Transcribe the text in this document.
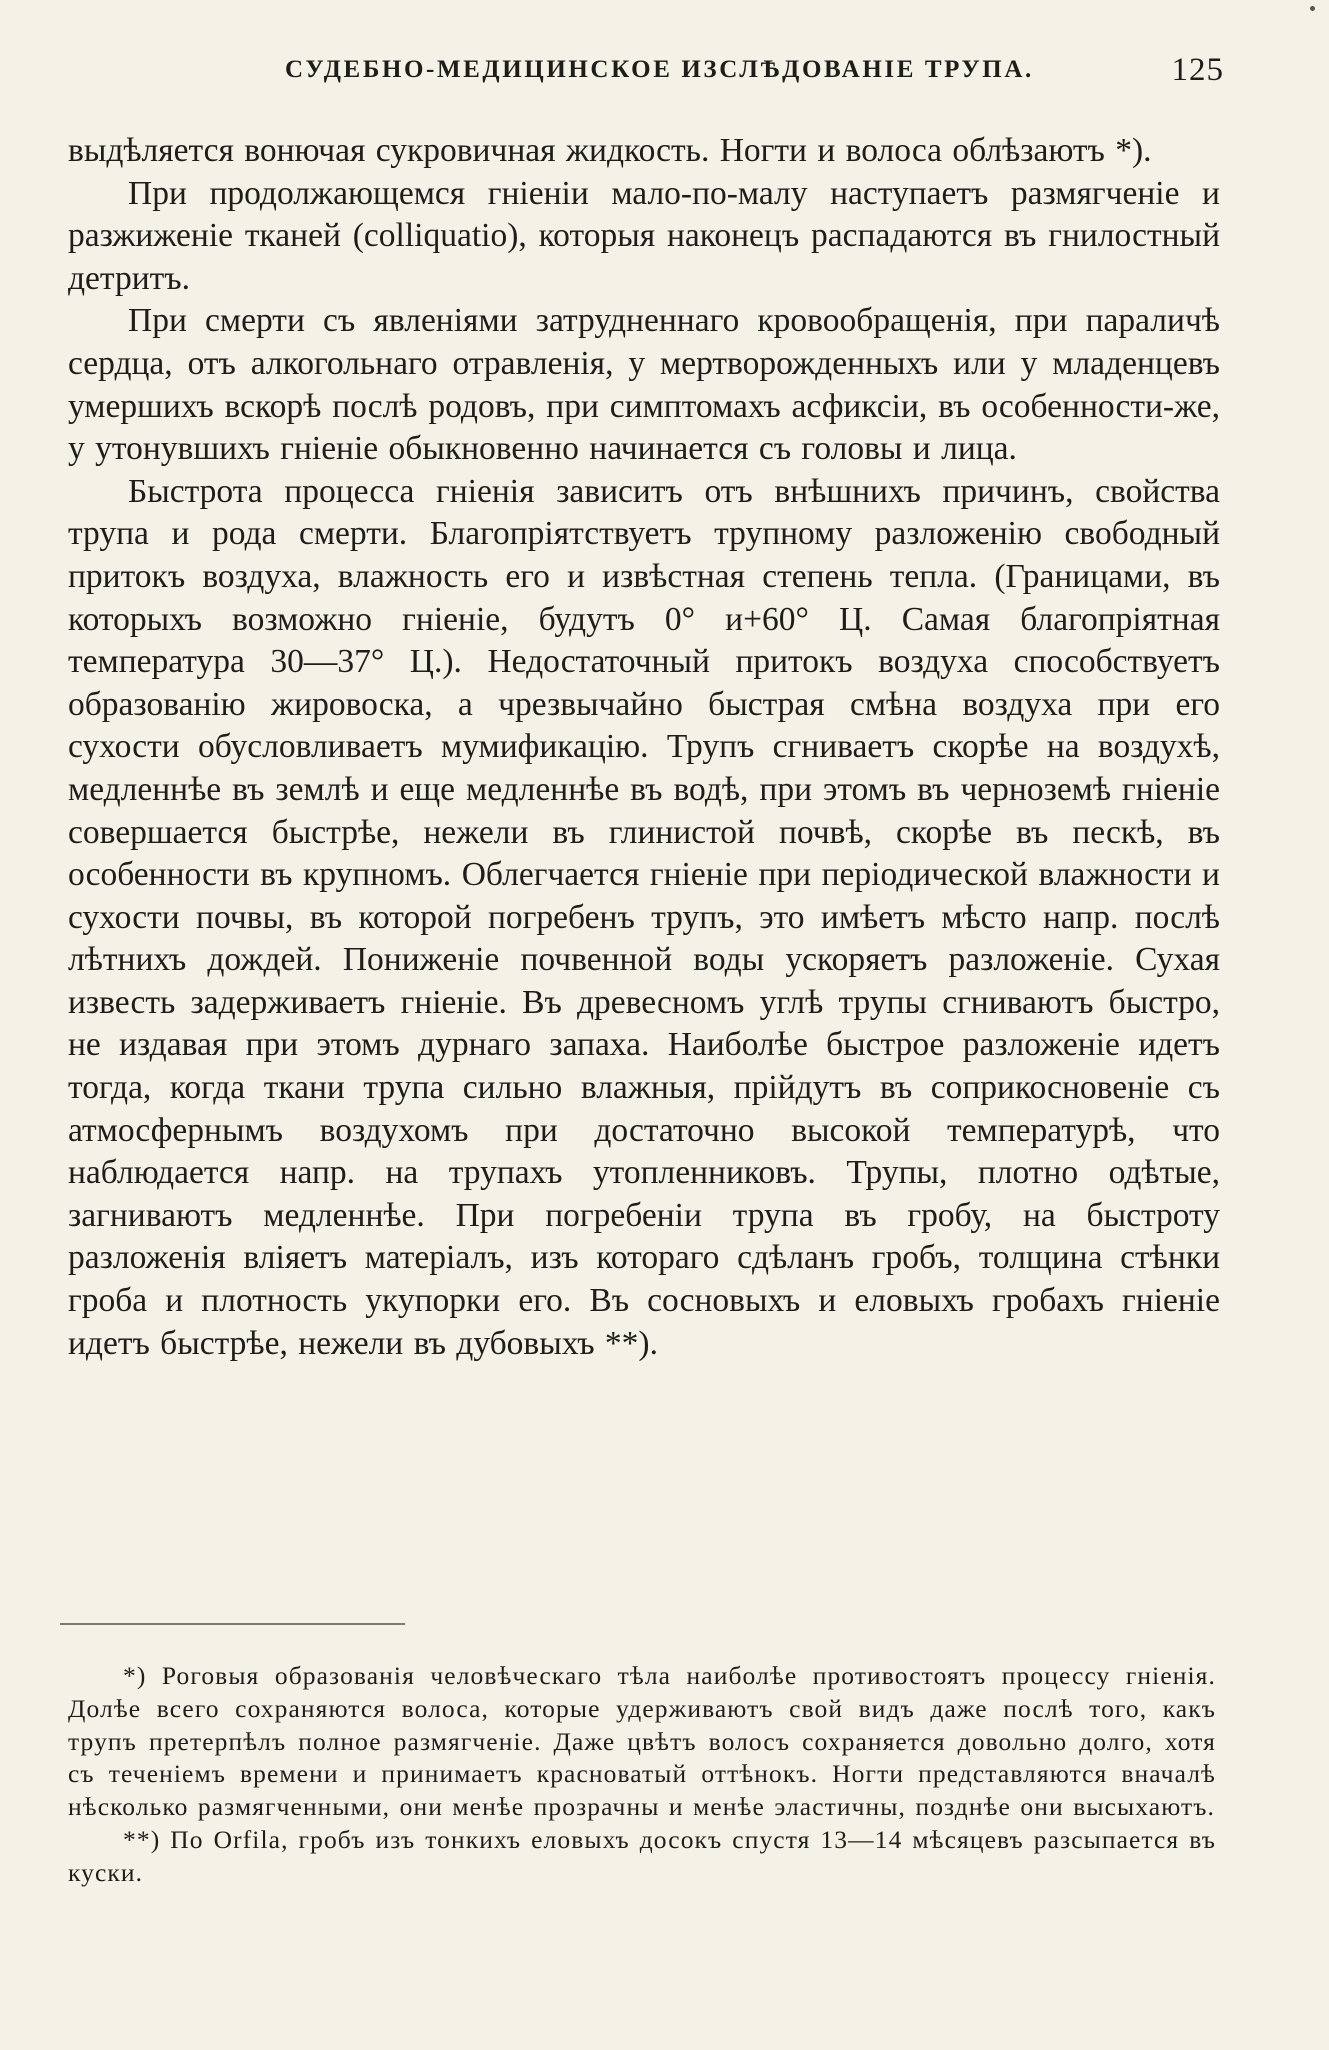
СУДЕБНО-МЕДИЦИНСКОЕ ИЗСЛѢДОВАНІЕ ТРУПА.	125

выдѣляется вонючая сукровичная жидкость. Ногти и волоса облѣзаютъ *).

При продолжающемся гніеніи мало-по-малу наступаетъ размягченіе и разжиженіе тканей (colliquatio), которыя наконецъ распадаются въ гнилостный детритъ.

При смерти съ явленіями затрудненнаго кровообращенія, при параличѣ сердца, отъ алкогольнаго отравленія, у мертворожденныхъ или у младенцевъ умершихъ вскорѣ послѣ родовъ, при симптомахъ асфиксіи, въ особенности-же, у утонувшихъ гніеніе обыкновенно начинается съ головы и лица.

Быстрота процесса гніенія зависитъ отъ внѣшнихъ причинъ, свойства трупа и рода смерти. Благопріятствуетъ трупному разложенію свободный притокъ воздуха, влажность его и извѣстная степень тепла. (Границами, въ которыхъ возможно гніеніе, будутъ 0° и+60° Ц. Самая благопріятная температура 30—37° Ц.). Недостаточный притокъ воздуха способствуетъ образованію жировоска, а чрезвычайно быстрая смѣна воздуха при его сухости обусловливаетъ мумификацію. Трупъ сгниваетъ скорѣе на воздухѣ, медленнѣе въ землѣ и еще медленнѣе въ водѣ, при этомъ въ черноземѣ гніеніе совершается быстрѣе, нежели въ глинистой почвѣ, скорѣе въ пескѣ, въ особенности въ крупномъ. Облегчается гніеніе при періодической влажности и сухости почвы, въ которой погребенъ трупъ, это имѣетъ мѣсто напр. послѣ лѣтнихъ дождей. Пониженіе почвенной воды ускоряетъ разложеніе. Сухая известь задерживаетъ гніеніе. Въ древесномъ углѣ трупы сгниваютъ быстро, не издавая при этомъ дурнаго запаха. Наиболѣе быстрое разложеніе идетъ тогда, когда ткани трупа сильно влажныя, прійдутъ въ соприкосновеніе съ атмосфернымъ воздухомъ при достаточно высокой температурѣ, что наблюдается напр. на трупахъ утопленниковъ. Трупы, плотно одѣтые, загниваютъ медленнѣе. При погребеніи трупа въ гробу, на быстроту разложенія вліяетъ матеріалъ, изъ котораго сдѣланъ гробъ, толщина стѣнки гроба и плотность укупорки его. Въ сосновыхъ и еловыхъ гробахъ гніеніе идетъ быстрѣе, нежели въ дубовыхъ **).

*) Роговыя образованія человѣческаго тѣла наиболѣе противостоятъ процессу гніенія. Долѣе всего сохраняются волоса, которые удерживаютъ свой видъ даже послѣ того, какъ трупъ претерпѣлъ полное размягченіе. Даже цвѣтъ волосъ сохраняется довольно долго, хотя съ теченіемъ времени и принимаетъ красноватый оттѣнокъ. Ногти представляются вначалѣ нѣсколько размягченными, они менѣе прозрачны и менѣе эластичны, позднѣе они высыхаютъ.

**) По Orfila, гробъ изъ тонкихъ еловыхъ досокъ спустя 13—14 мѣсяцевъ разсыпается въ куски.
